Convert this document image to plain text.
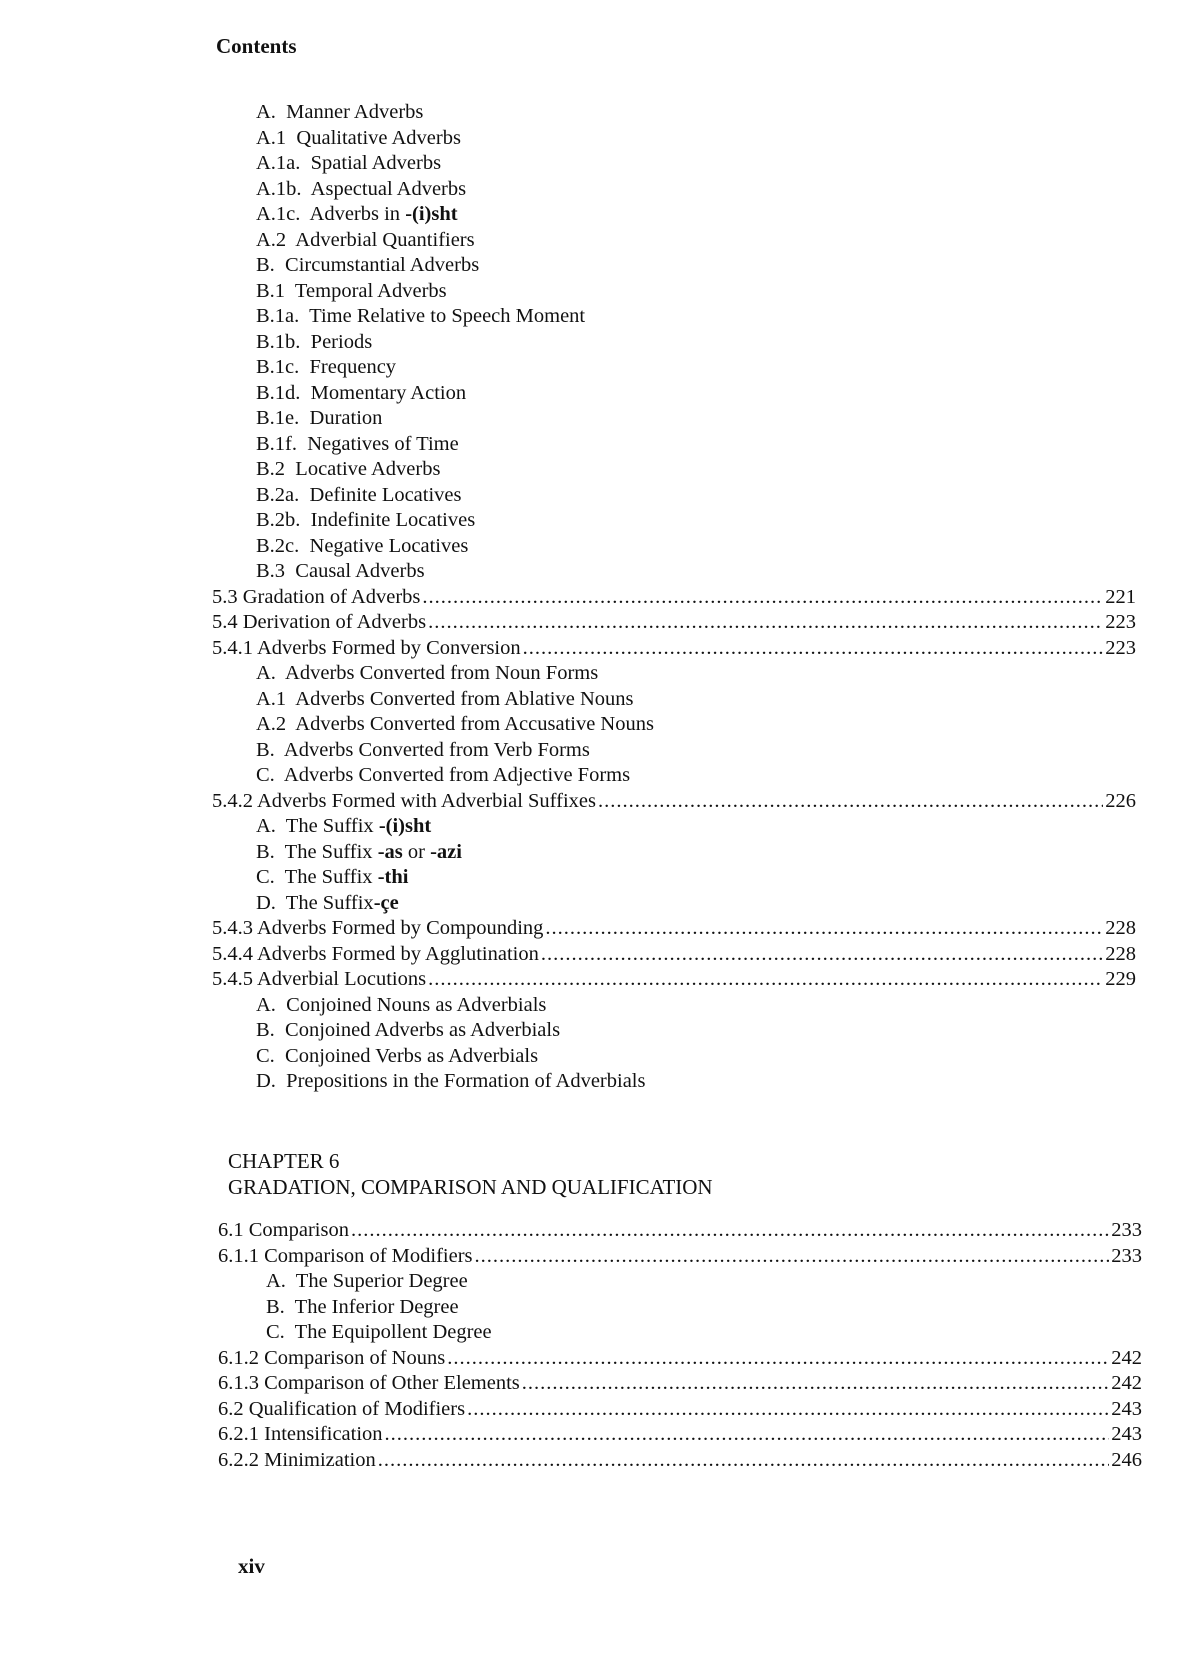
Contents
A.  Manner Adverbs
A.1  Qualitative Adverbs
A.1a.  Spatial Adverbs
A.1b.  Aspectual Adverbs
A.1c.  Adverbs in -(i)sht
A.2  Adverbial Quantifiers
B.  Circumstantial Adverbs
B.1  Temporal Adverbs
B.1a.  Time Relative to Speech Moment
B.1b.  Periods
B.1c.  Frequency
B.1d.  Momentary Action
B.1e.  Duration
B.1f.  Negatives of Time
B.2  Locative Adverbs
B.2a.  Definite Locatives
B.2b.  Indefinite Locatives
B.2c.  Negative Locatives
B.3  Causal Adverbs
5.3 Gradation of Adverbs .....	221
5.4 Derivation of Adverbs .....	223
5.4.1 Adverbs Formed by Conversion .....	223
A.  Adverbs Converted from Noun Forms
A.1  Adverbs Converted from Ablative Nouns
A.2  Adverbs Converted from Accusative Nouns
B.  Adverbs Converted from Verb Forms
C.  Adverbs Converted from Adjective Forms
5.4.2 Adverbs Formed with Adverbial Suffixes .....	226
A.  The Suffix -(i)sht
B.  The Suffix -as or -azi
C.  The Suffix -thi
D.  The Suffix-çe
5.4.3 Adverbs Formed by Compounding .....	228
5.4.4 Adverbs Formed by Agglutination .....	228
5.4.5 Adverbial Locutions .....	229
A.  Conjoined Nouns as Adverbials
B.  Conjoined Adverbs as Adverbials
C.  Conjoined Verbs as Adverbials
D.  Prepositions in the Formation of Adverbials
CHAPTER 6
GRADATION, COMPARISON AND QUALIFICATION
6.1 Comparison .....	233
6.1.1 Comparison of Modifiers .....	233
A.  The Superior Degree
B.  The Inferior Degree
C.  The Equipollent Degree
6.1.2 Comparison of Nouns .....	242
6.1.3 Comparison of Other Elements .....	242
6.2 Qualification of Modifiers .....	243
6.2.1 Intensification .....	243
6.2.2 Minimization .....	246
xiv
